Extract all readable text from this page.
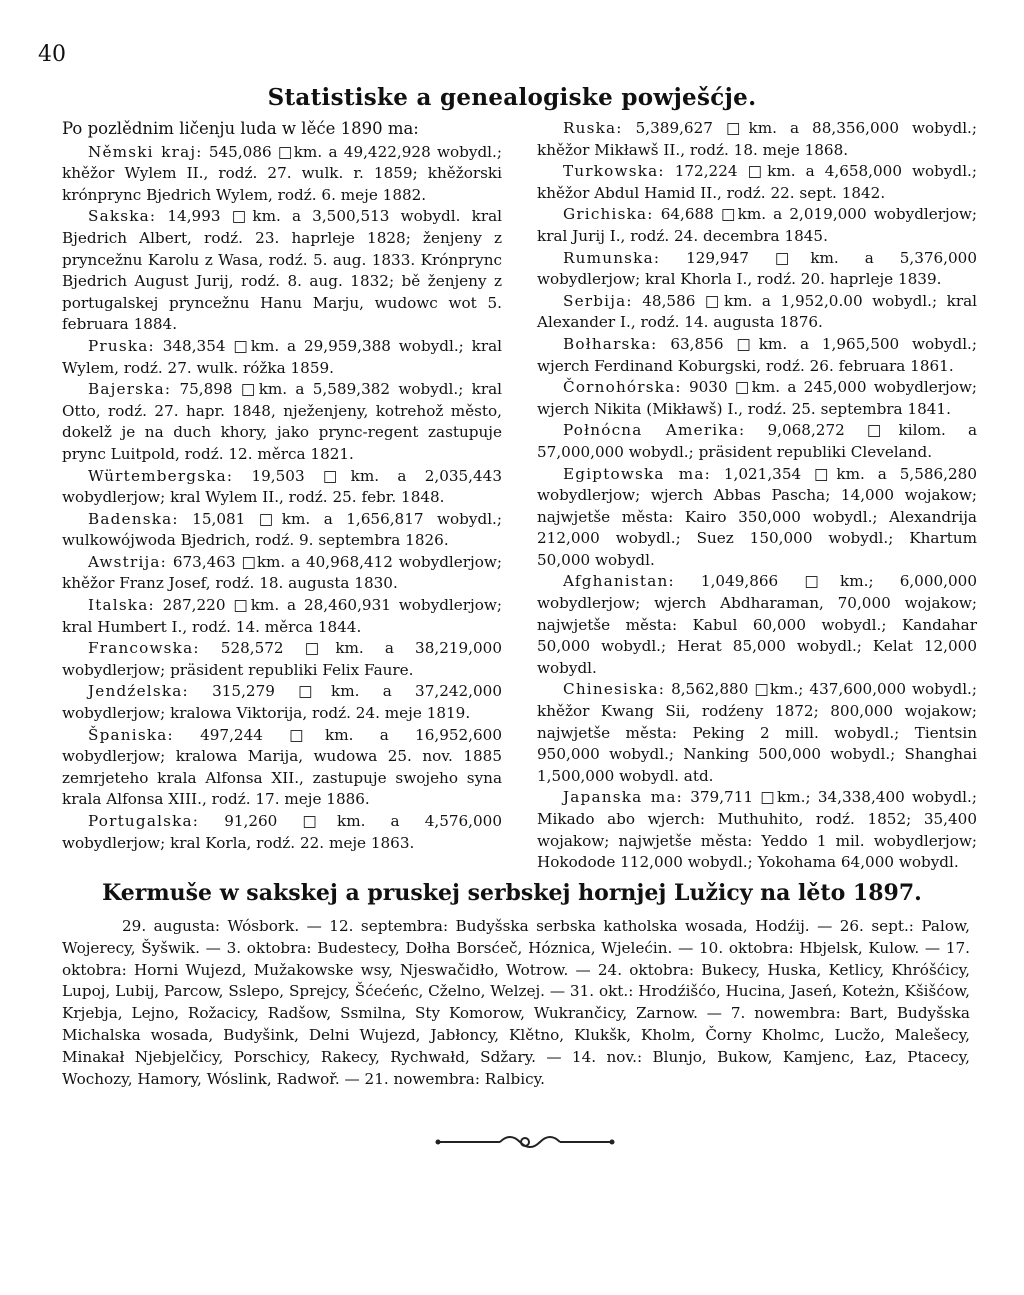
40
Statistiske a genealogiske powješćje.

Po pozlědnim ličenju luda w lěće 1890 ma:

Němski kraj: 545,086 □km. a 49,422,928 wobydl.; khěžor Wylem II., rodź. 27. wulk. r. 1859; khěžorski krónprync Bjedrich Wylem, rodź. 6. meje 1882.

Sakska: 14,993 □km. a 3,500,513 wobydl. kral Bjedrich Albert, rodź. 23. haprleje 1828; ženjeny z pryncežnu Karolu z Wasa, rodź. 5. aug. 1833. Krónprync Bjedrich August Jurij, rodź. 8. aug. 1832; bě ženjeny z portugalskej pryncežnu Hanu Marju, wudowc wot 5. februara 1884.

Pruska: 348,354 □km. a 29,959,388 wobydl.; kral Wylem, rodź. 27. wulk. róžka 1859.

Bajerska: 75,898 □km. a 5,589,382 wobydl.; kral Otto, rodź. 27. hapr. 1848, nježenjeny, kotrehož město, dokelž je na duch khory, jako prync-regent zastupuje prync Luitpold, rodź. 12. měrca 1821.

Würtembergska: 19,503 □km. a 2,035,443 wobydlerjow; kral Wylem II., rodź. 25. febr. 1848.

Badenska: 15,081 □km. a 1,656,817 wobydl.; wulkowójwoda Bjedrich, rodź. 9. septembra 1826.

Awstrija: 673,463 □km. a 40,968,412 wobydlerjow; khěžor Franz Josef, rodź. 18. augusta 1830.

Italska: 287,220 □km. a 28,460,931 wobydlerjow; kral Humbert I., rodź. 14. měrca 1844.

Francowska: 528,572 □km. a 38,219,000 wobydlerjow; präsident republiki Felix Faure.

Jendźelska: 315,279 □km. a 37,242,000 wobydlerjow; kralowa Viktorija, rodź. 24. meje 1819.

Španiska: 497,244 □km. a 16,952,600 wobydlerjow; kralowa Marija, wudowa 25. nov. 1885 zemrjeteho krala Alfonsa XII., zastupuje swojeho syna krala Alfonsa XIII., rodź. 17. meje 1886.

Portugalska: 91,260 □km. a 4,576,000 wobydlerjow; kral Korla, rodź. 22. meje 1863.

Ruska: 5,389,627 □km. a 88,356,000 wobydl.; khěžor Mikławš II., rodź. 18. meje 1868.

Turkowska: 172,224 □km. a 4,658,000 wobydl.; khěžor Abdul Hamid II., rodź. 22. sept. 1842.

Grichiska: 64,688 □km. a 2,019,000 wobydlerjow; kral Jurij I., rodź. 24. decembra 1845.

Rumunska: 129,947 □km. a 5,376,000 wobydlerjow; kral Khorla I., rodź. 20. haprleje 1839.

Serbija: 48,586 □km. a 1,952,0.00 wobydl.; kral Alexander I., rodź. 14. augusta 1876.

Bołharska: 63,856 □km. a 1,965,500 wobydl.; wjerch Ferdinand Koburgski, rodź. 26. februara 1861.

Čornohórska: 9030 □km. a 245,000 wobydlerjow; wjerch Nikita (Mikławš) I., rodź. 25. septembra 1841.

Połnócna Amerika: 9,068,272 □kilom. a 57,000,000 wobydl.; präsident republiki Cleveland.

Egiptowska ma: 1,021,354 □km. a 5,586,280 wobydlerjow; wjerch Abbas Pascha; 14,000 wojakow; najwjetše města: Kairo 350,000 wobydl.; Alexandrija 212,000 wobydl.; Suez 150,000 wobydl.; Khartum 50,000 wobydl.

Afghanistan: 1,049,866 □km.; 6,000,000 wobydlerjow; wjerch Abdharaman, 70,000 wojakow; najwjetše města: Kabul 60,000 wobydl.; Kandahar 50,000 wobydl.; Herat 85,000 wobydl.; Kelat 12,000 wobydl.

Chinesiska: 8,562,880 □km.; 437,600,000 wobydl.; khěžor Kwang Sii, rodźeny 1872; 800,000 wojakow; najwjetše města: Peking 2 mill. wobydl.; Tientsin 950,000 wobydl.; Nanking 500,000 wobydl.; Shanghai 1,500,000 wobydl. atd.

Japanska ma: 379,711 □km.; 34,338,400 wobydl.; Mikado abo wjerch: Muthuhito, rodź. 1852; 35,400 wojakow; najwjetše města: Yeddo 1 mil. wobydlerjow; Hokodode 112,000 wobydl.; Yokohama 64,000 wobydl.

Kermuše w sakskej a pruskej serbskej hornjej Lužicy na lěto 1897.

29. augusta: Wósbork. — 12. septembra: Budyšska serbska katholska wosada, Hodźij. — 26. sept.: Palow, Wojerecy, Šyšwik. — 3. oktobra: Budestecy, Dołha Borsćeč, Hóznica, Wjelećin. — 10. oktobra: Hbjelsk, Kulow. — 17. oktobra: Horni Wujezd, Mužakowske wsy, Njeswačidło, Wotrow. — 24. oktobra: Bukecy, Huska, Ketlicy, Khróšćicy, Lupoj, Lubij, Parcow, Sslepo, Sprejcy, Šćećeńc, Cželno, Welzej. — 31. okt.: Hrodźišćo, Hucina, Jaseń, Koteżn, Kšišćow, Krjebja, Lejno, Rožacicy, Radšow, Ssmilna, Sty Komorow, Wukrančicy, Zarnow. — 7. nowembra: Bart, Budyšska Michalska wosada, Budyšink, Delni Wujezd, Jabłoncy, Klětno, Klukšk, Kholm, Čorny Kholmc, Lucžo, Malešecy, Minakał Njebjelčicy, Porschicy, Rakecy, Rychwałd, Sdžary. — 14. nov.: Blunjo, Bukow, Kamjenc, Łaz, Ptacecy, Wochozy, Hamory, Wóslink, Radwoř. — 21. nowembra: Ralbicy.
